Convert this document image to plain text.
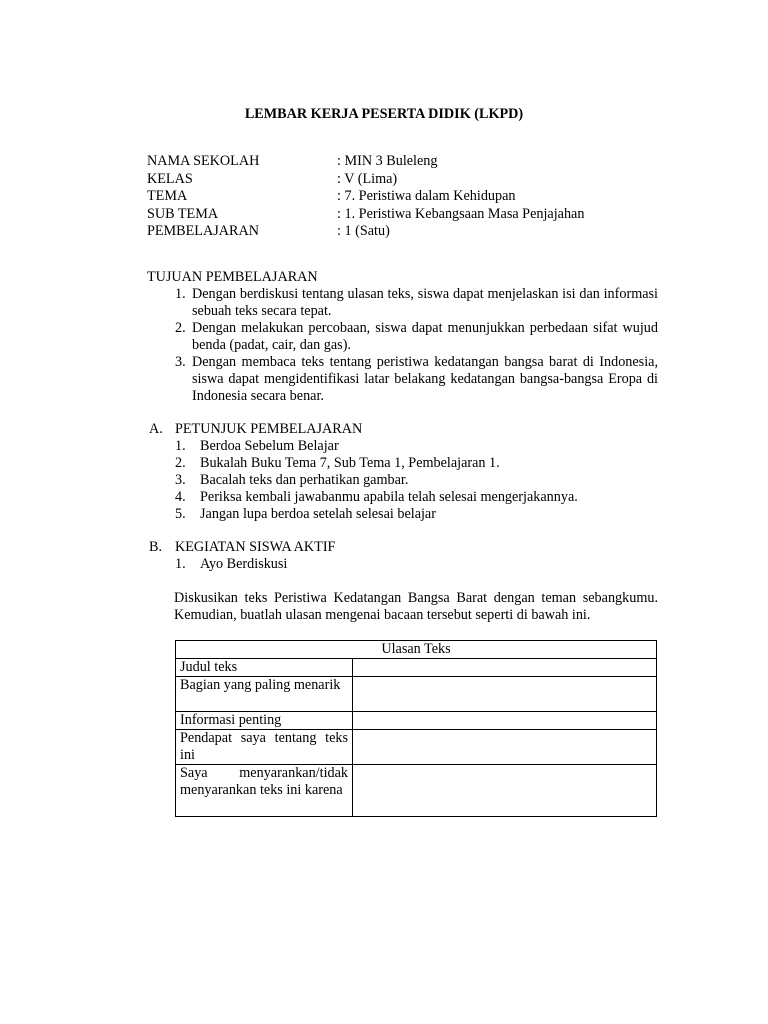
LEMBAR KERJA PESERTA DIDIK (LKPD)
NAMA SEKOLAH	: MIN 3 Buleleng
KELAS	: V (Lima)
TEMA	: 7. Peristiwa dalam Kehidupan
SUB TEMA	: 1. Peristiwa Kebangsaan Masa Penjajahan
PEMBELAJARAN	: 1 (Satu)
TUJUAN PEMBELAJARAN
1. Dengan berdiskusi tentang ulasan teks, siswa dapat menjelaskan isi dan informasi sebuah teks secara tepat.
2. Dengan melakukan percobaan, siswa dapat menunjukkan perbedaan sifat wujud benda (padat, cair, dan gas).
3. Dengan membaca teks tentang peristiwa kedatangan bangsa barat di Indonesia, siswa dapat mengidentifikasi latar belakang kedatangan bangsa-bangsa Eropa di Indonesia secara benar.
A. PETUNJUK PEMBELAJARAN
1. Berdoa Sebelum Belajar
2. Bukalah Buku Tema 7, Sub Tema 1, Pembelajaran 1.
3. Bacalah teks dan perhatikan gambar.
4. Periksa kembali jawabanmu apabila telah selesai mengerjakannya.
5. Jangan lupa berdoa setelah selesai belajar
B. KEGIATAN SISWA AKTIF
1. Ayo Berdiskusi
Diskusikan teks Peristiwa Kedatangan Bangsa Barat dengan teman sebangkumu. Kemudian, buatlah ulasan mengenai bacaan tersebut seperti di bawah ini.
Ulasan Teks	
Judul teks	
Bagian yang paling menarik	
Informasi penting	
Pendapat saya tentang teks ini	
Saya menyarankan/tidak menyarankan teks ini karena	
